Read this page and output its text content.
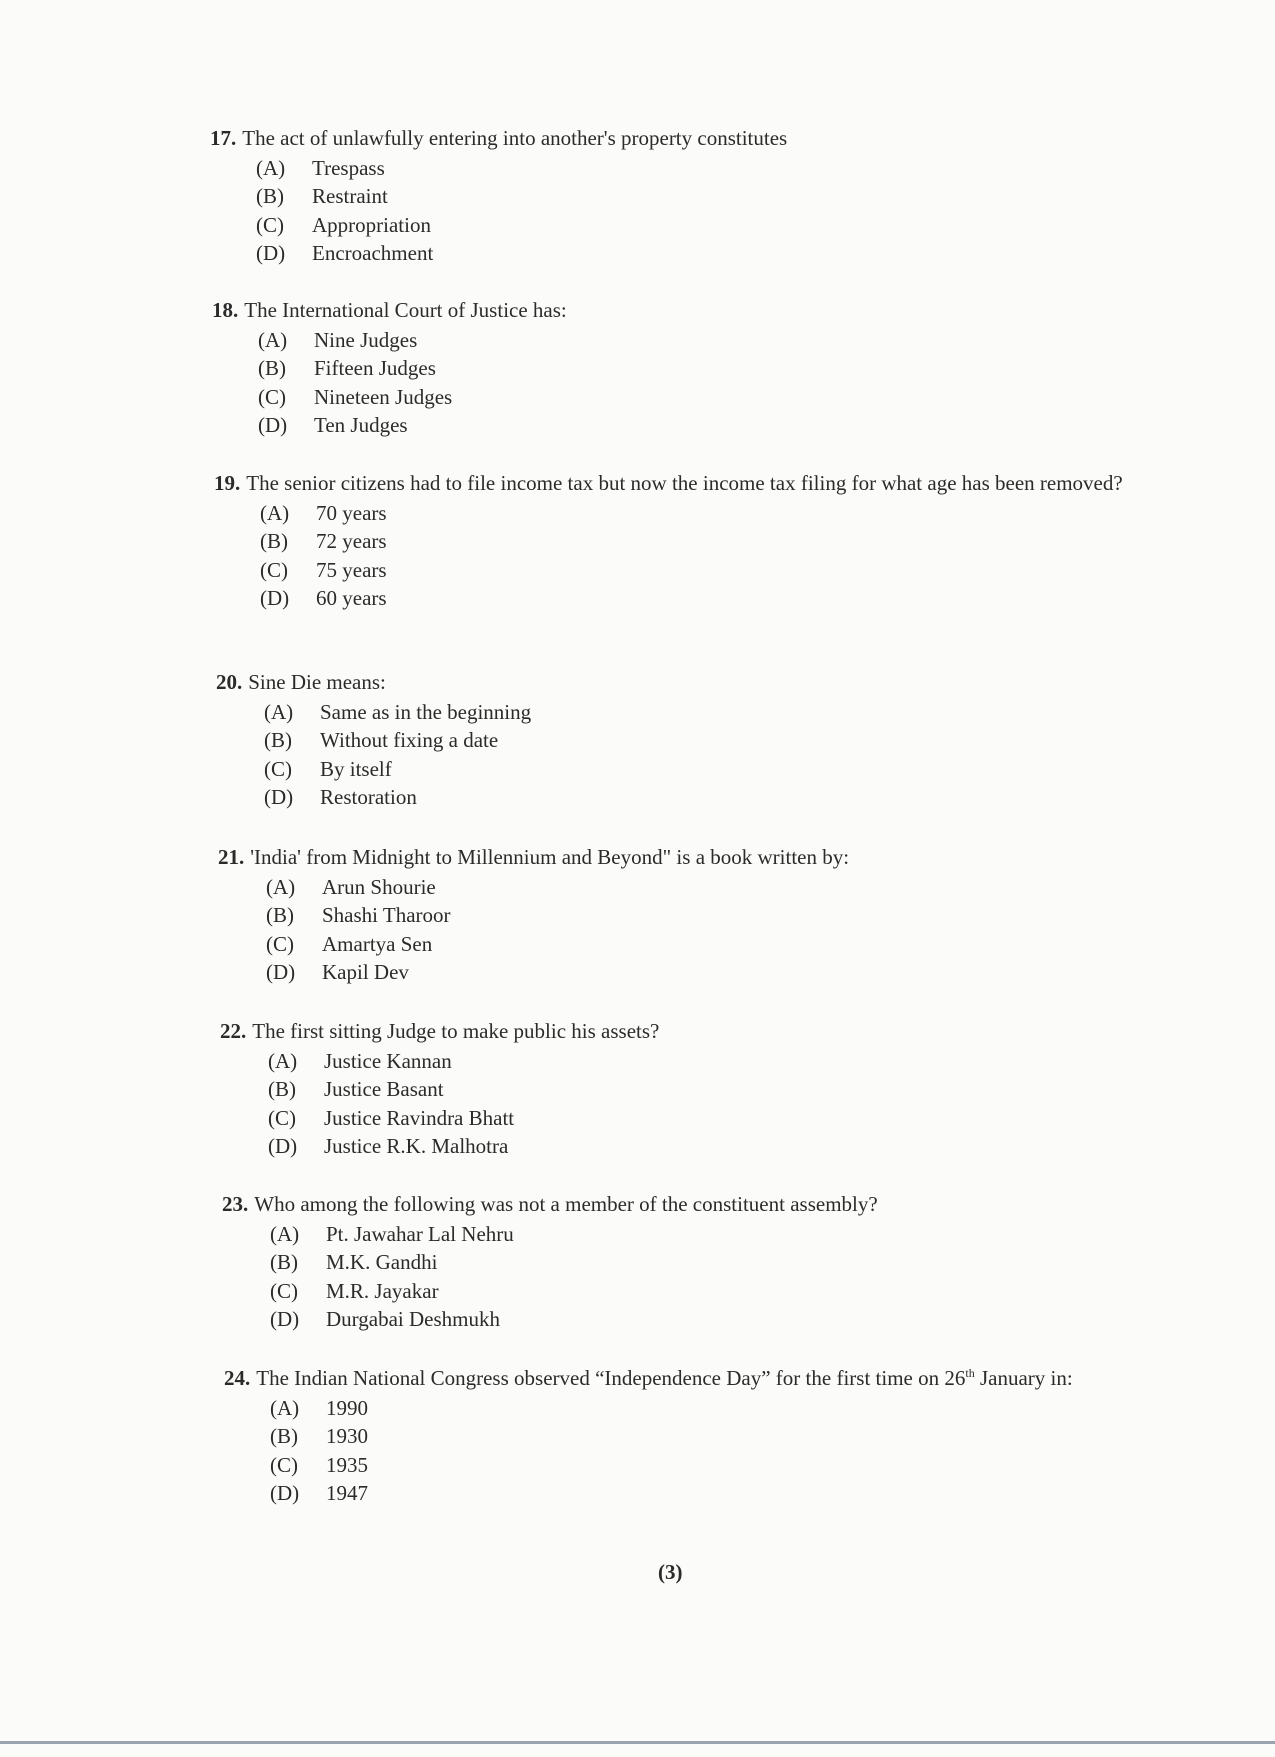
17. The act of unlawfully entering into another's property constitutes
(A)	Trespass
(B)	Restraint
(C)	Appropriation
(D)	Encroachment
18. The International Court of Justice has:
(A)	Nine Judges
(B)	Fifteen Judges
(C)	Nineteen Judges
(D)	Ten Judges
19. The senior citizens had to file income tax but now the income tax filing for what age has been removed?
(A)	70 years
(B)	72 years
(C)	75 years
(D)	60 years
20. Sine Die means:
(A)	Same as in the beginning
(B)	Without fixing a date
(C)	By itself
(D)	Restoration
21. 'India' from Midnight to Millennium and Beyond" is a book written by:
(A)	Arun Shourie
(B)	Shashi Tharoor
(C)	Amartya Sen
(D)	Kapil Dev
22. The first sitting Judge to make public his assets?
(A)	Justice Kannan
(B)	Justice Basant
(C)	Justice Ravindra Bhatt
(D)	Justice R.K. Malhotra
23. Who among the following was not a member of the constituent assembly?
(A)	Pt. Jawahar Lal Nehru
(B)	M.K. Gandhi
(C)	M.R. Jayakar
(D)	Durgabai Deshmukh
24. The Indian National Congress observed “Independence Day” for the first time on 26th January in:
(A)	1990
(B)	1930
(C)	1935
(D)	1947
(3)
